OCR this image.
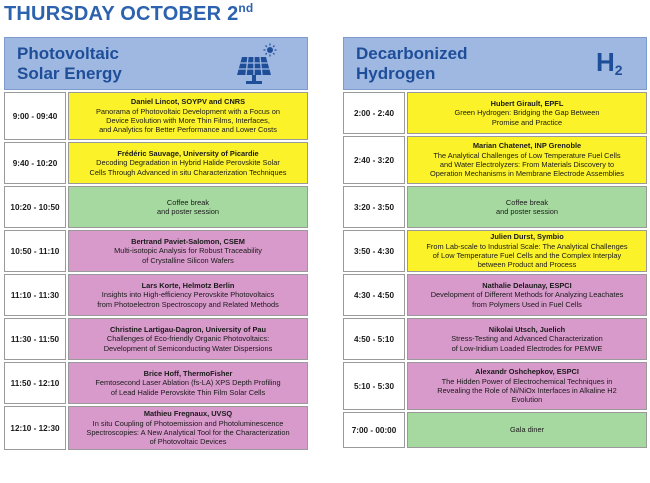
THURSDAY OCTOBER 2nd
Photovoltaic
Solar Energy
9:00 - 09:40
Daniel Lincot, SOYPV and CNRS
Panorama of Photovoltaic Development with a Focus on
Device Evolution with More Thin Films, Interfaces,
and Analytics for Better Performance and Lower Costs
9:40 - 10:20
Frédéric Sauvage, University of Picardie
Decoding Degradation in Hybrid Halide Perovskite Solar
Cells Through Advanced in situ Characterization Techniques
10:20 - 10:50
Coffee break
and poster session
10:50 - 11:10
Bertrand Paviet-Salomon, CSEM
Multi-isotopic Analysis for Robust Traceability
of Crystalline Silicon Wafers
11:10 - 11:30
Lars Korte, Helmotz Berlin
Insights into High-efficiency Perovskite Photovoltaics
from Photoelectron Spectroscopy and Related Methods
11:30 - 11:50
Christine Lartigau-Dagron, University of Pau
Challenges of Eco-friendly Organic Photovoltaics:
Development of Semiconducting Water Dispersions
11:50 - 12:10
Brice Hoff, ThermoFisher
Femtosecond Laser Ablation (fs-LA) XPS Depth Profiling
of Lead Halide Perovskite Thin Film Solar Cells
12:10 - 12:30
Mathieu Fregnaux, UVSQ
In situ Coupling of Photoemission and Photoluminescence
Spectroscopies: A New Analytical Tool for the Characterization
of Photovoltaic Devices
Decarbonized
Hydrogen	$H_2$
2:00 - 2:40
Hubert Girault, EPFL
Green Hydrogen: Bridging the Gap Between
Promise and Practice
2:40 - 3:20
Marian Chatenet, INP Grenoble
The Analytical Challenges of Low Temperature Fuel Cells
and Water Electrolyzers: From Materials Discovery to
Operation Mechanisms in Membrane Electrode Assemblies
3:20 - 3:50
Coffee break
and poster session
3:50 - 4:30
Julien Durst, Symbio
From Lab-scale to Industrial Scale: The Analytical Challenges
of Low Temperature Fuel Cells and the Complex Interplay
between Product and Process
4:30 - 4:50
Nathalie Delaunay, ESPCI
Development of Different Methods for Analyzing Leachates
from Polymers Used in Fuel Cells
4:50 - 5:10
Nikolai Utsch, Juelich
Stress-Testing and Advanced Characterization
of Low-Iridium Loaded Electrodes for PEMWE
5:10 - 5:30
Alexandr Oshchepkov, ESPCI
The Hidden Power of Electrochemical Techniques in
Revealing the Role of Ni/NiOx Interfaces in Alkaline H2
Evolution
7:00 - 00:00	Gala diner
